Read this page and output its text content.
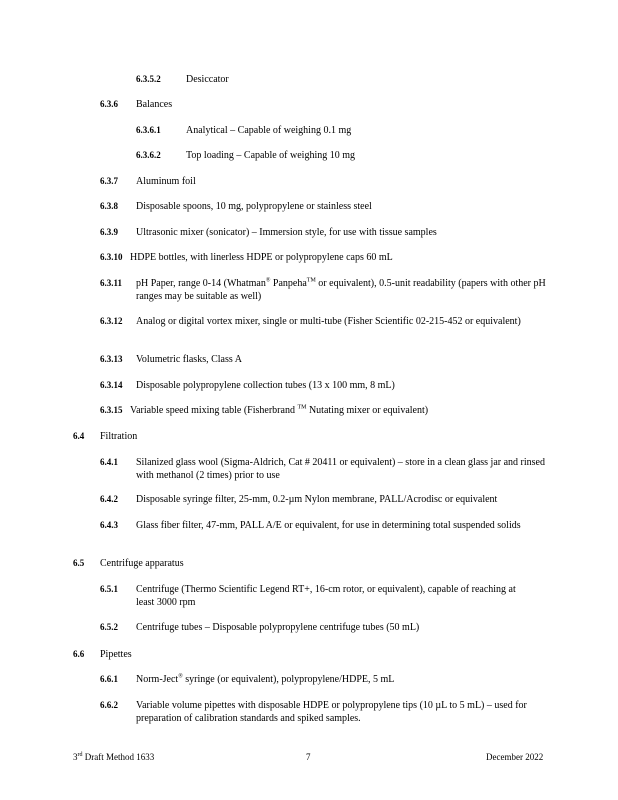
6.3.5.2	Desiccator
6.3.6 Balances
6.3.6.1	Analytical – Capable of weighing 0.1 mg
6.3.6.2	Top loading – Capable of weighing 10 mg
6.3.7 Aluminum foil
6.3.8 Disposable spoons, 10 mg, polypropylene or stainless steel
6.3.9 Ultrasonic mixer (sonicator) – Immersion style, for use with tissue samples
6.3.10 HDPE bottles, with linerless HDPE or polypropylene caps 60 mL
6.3.11 pH Paper, range 0-14 (Whatman® Panpeha™ or equivalent), 0.5-unit readability (papers with other pH ranges may be suitable as well)
6.3.12 Analog or digital vortex mixer, single or multi-tube (Fisher Scientific 02-215-452 or equivalent)
6.3.13 Volumetric flasks, Class A
6.3.14 Disposable polypropylene collection tubes (13 x 100 mm, 8 mL)
6.3.15 Variable speed mixing table (Fisherbrand ™ Nutating mixer or equivalent)
6.4 Filtration
6.4.1 Silanized glass wool (Sigma-Aldrich, Cat # 20411 or equivalent) – store in a clean glass jar and rinsed with methanol (2 times) prior to use
6.4.2 Disposable syringe filter, 25-mm, 0.2-µm Nylon membrane, PALL/Acrodisc or equivalent
6.4.3 Glass fiber filter, 47-mm, PALL A/E or equivalent, for use in determining total suspended solids
6.5 Centrifuge apparatus
6.5.1 Centrifuge (Thermo Scientific Legend RT+, 16-cm rotor, or equivalent), capable of reaching at least 3000 rpm
6.5.2 Centrifuge tubes – Disposable polypropylene centrifuge tubes (50 mL)
6.6 Pipettes
6.6.1 Norm-Ject® syringe (or equivalent), polypropylene/HDPE, 5 mL
6.6.2 Variable volume pipettes with disposable HDPE or polypropylene tips (10 µL to 5 mL) – used for preparation of calibration standards and spiked samples.
3rd Draft Method 1633	7	December 2022
